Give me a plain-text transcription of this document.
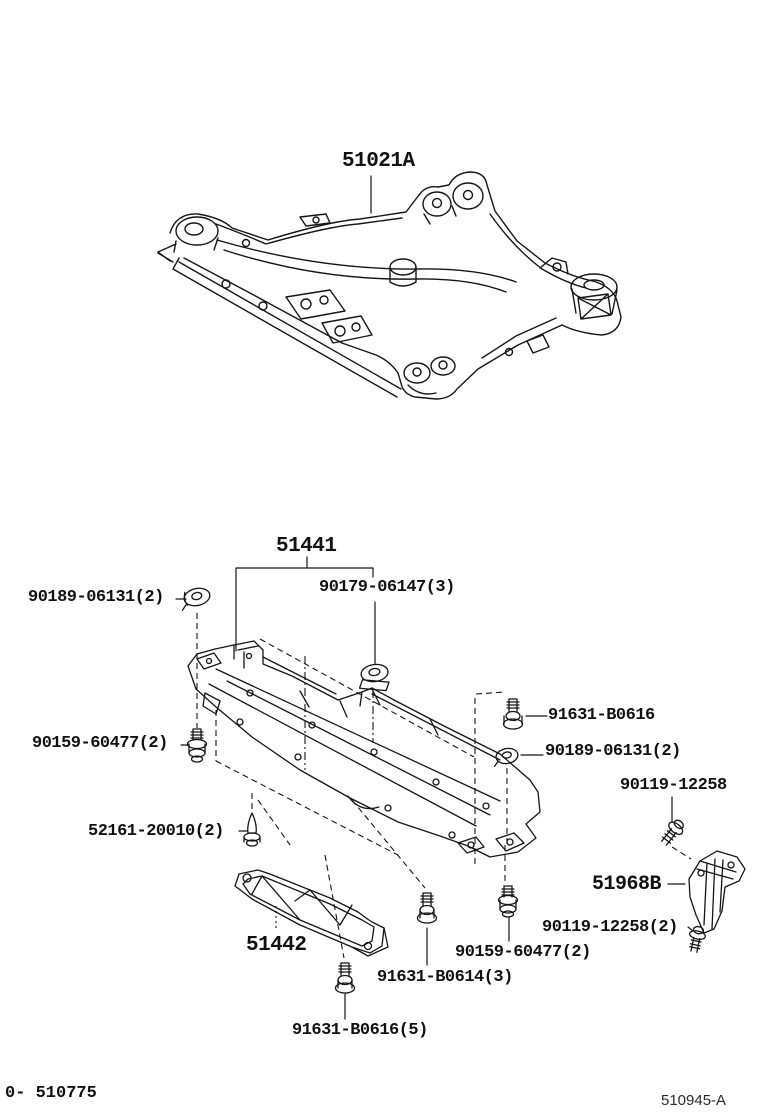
51021A
51441
90189-06131(2)
90179-06147(3)
91631-B0616
90189-06131(2)
90119-12258
90159-60477(2)
52161-20010(2)
51968B
90119-12258(2)
90159-60477(2)
91631-B0614(3)
51442
91631-B0616(5)
0- 510775	510945-A
